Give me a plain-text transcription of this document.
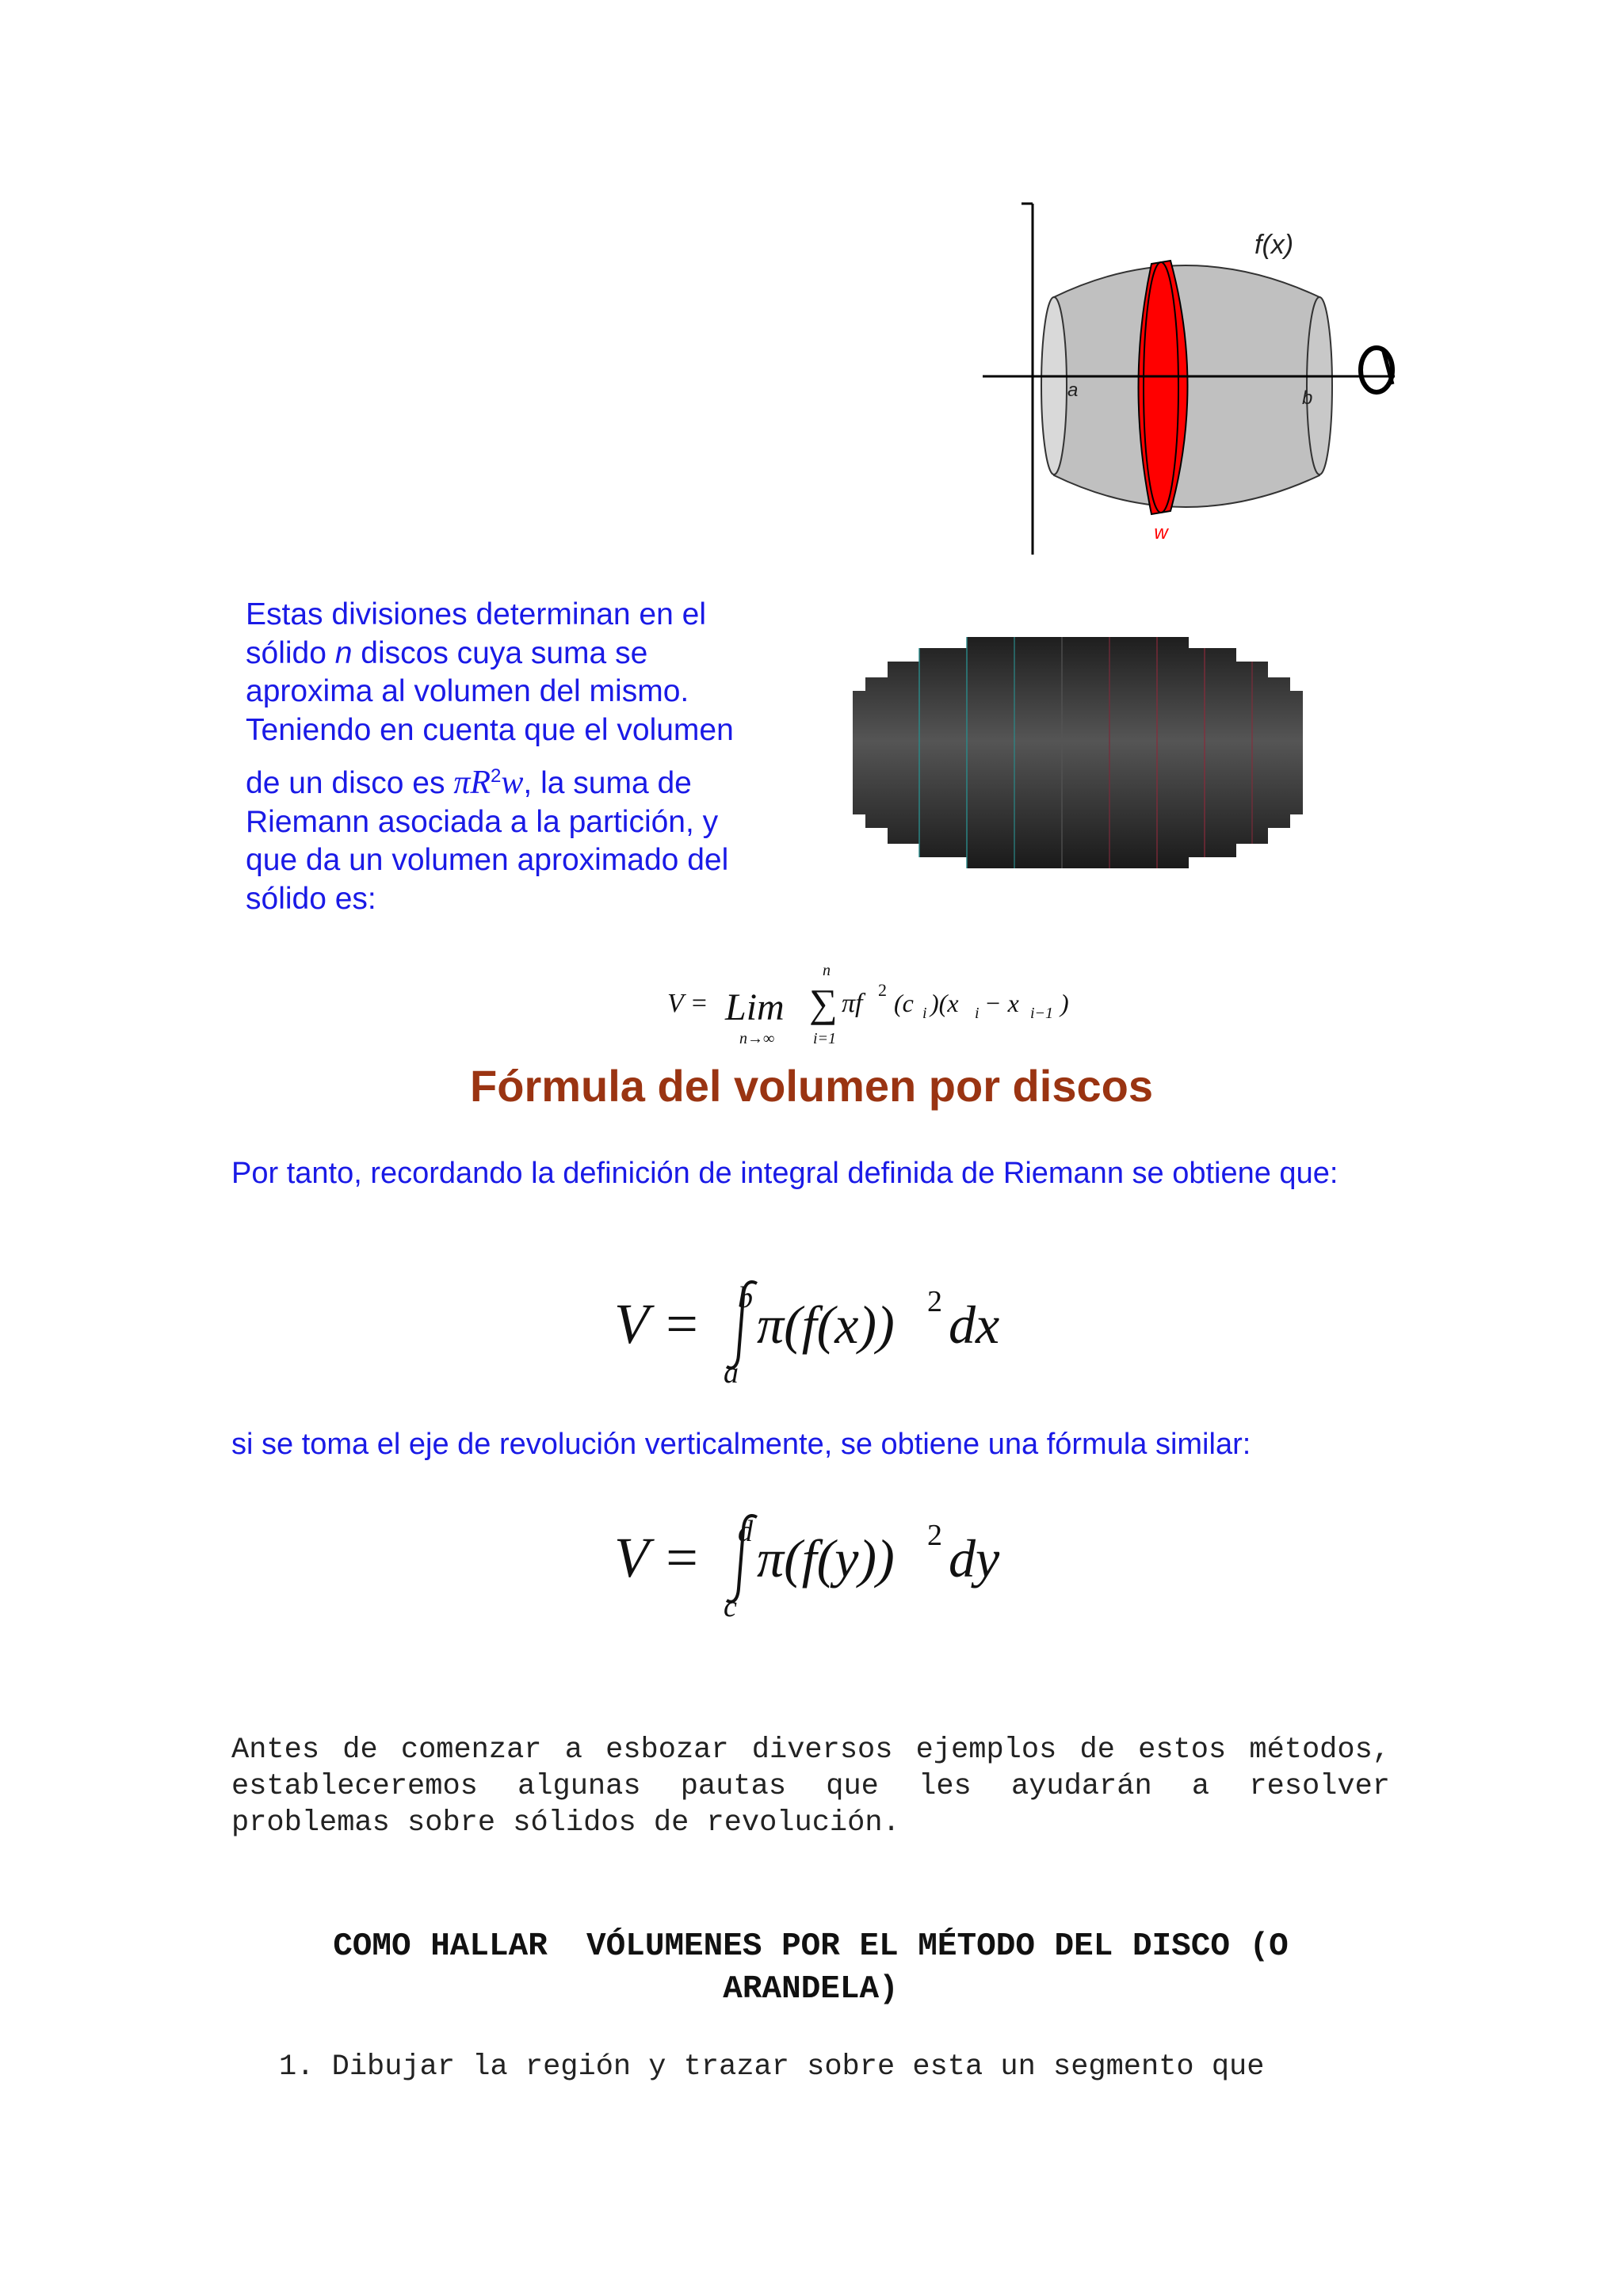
f(x)
a	b
w
Estas divisiones determinan en el
sólido n discos cuya suma se
aproxima al volumen del mismo.
Teniendo en cuenta que el volumen
de un disco es $\pi R^2w$, la suma de
Riemann asociada a la partición, y
que da un volumen aproximado del
sólido es:
V = Lim
n→∞
n
∑
i=1
πf 2 (c i )(x i − x i−1 )
Fórmula del volumen por discos
Por tanto, recordando la definición de integral definida de Riemann se obtiene que:
V = b
a
π(f(x)) 2 dx
si se toma el eje de revolución verticalmente, se obtiene una fórmula similar:
V = d
c
π(f(y)) 2 dy
Antes de comenzar a esbozar diversos ejemplos de estos métodos, estableceremos algunas pautas que les ayudarán a resolver problemas sobre sólidos de revolución.
COMO HALLAR  VÓLUMENES POR EL MÉTODO DEL DISCO (O
ARANDELA)
1. Dibujar la región y trazar sobre esta un segmento que
